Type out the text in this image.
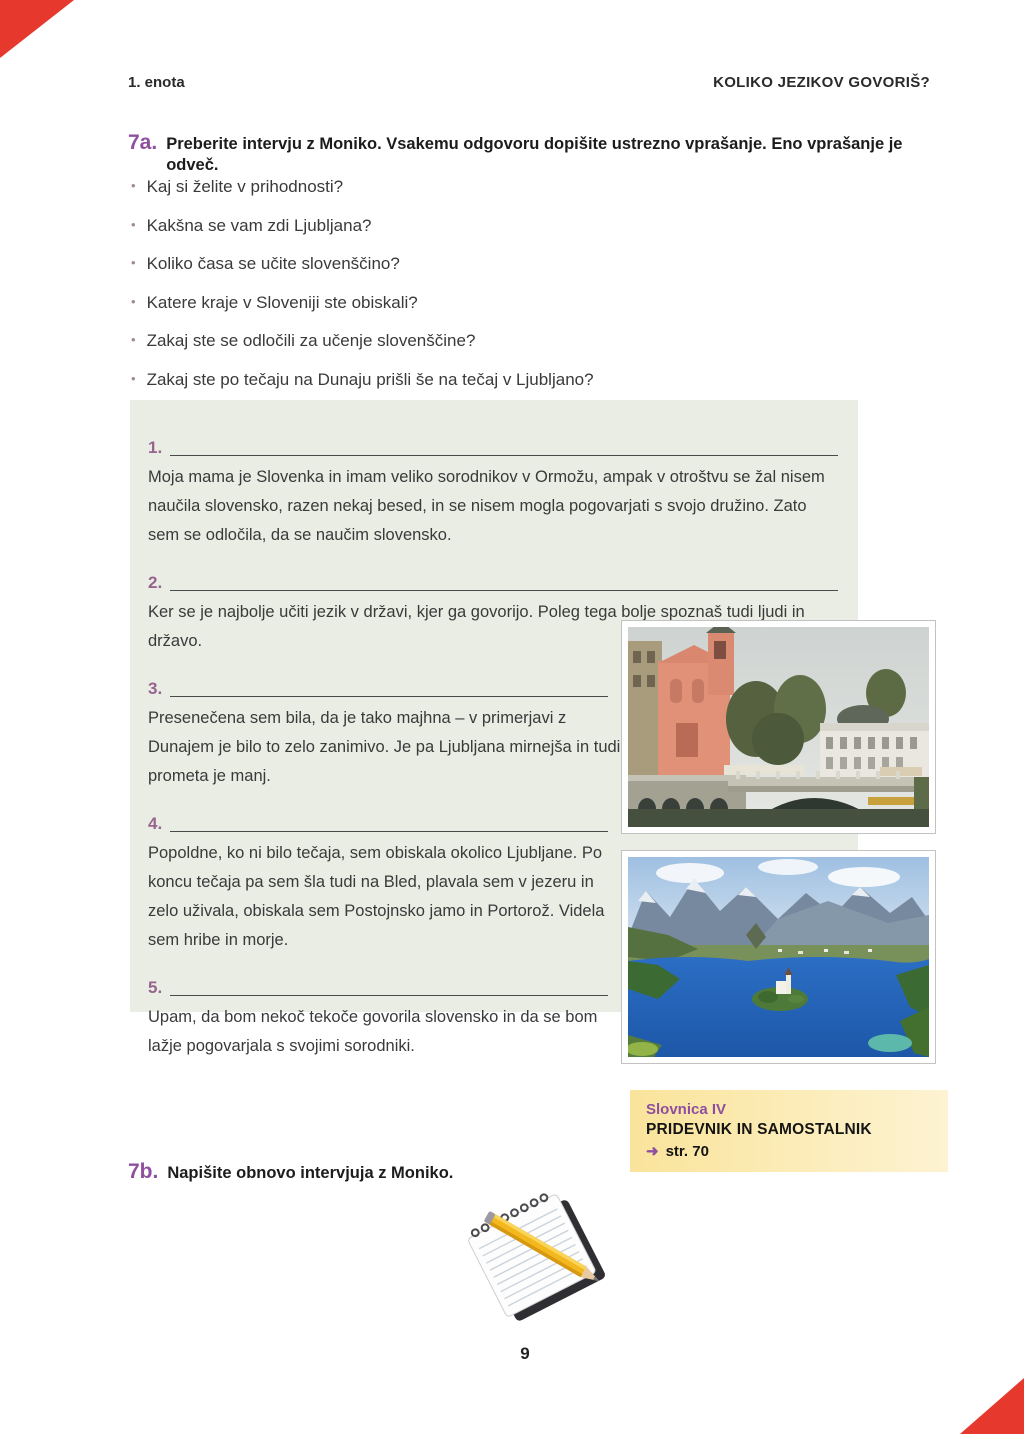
1. enota	KOLIKO JEZIKOV GOVORIŠ?
7a. Preberite intervju z Moniko. Vsakemu odgovoru dopišite ustrezno vprašanje. Eno vprašanje je odveč.
• Kaj si želite v prihodnosti?
• Kakšna se vam zdi Ljubljana?
• Koliko časa se učite slovenščino?
• Katere kraje v Sloveniji ste obiskali?
• Zakaj ste se odločili za učenje slovenščine?
• Zakaj ste po tečaju na Dunaju prišli še na tečaj v Ljubljano?
1.

Moja mama je Slovenka in imam veliko sorodnikov v Ormožu, ampak v otroštvu se žal nisem naučila slovensko, razen nekaj besed, in se nisem mogla pogovarjati s svojo družino. Zato sem se odločila, da se naučim slovensko.

2.

Ker se je najbolje učiti jezik v državi, kjer ga govorijo. Poleg tega bolje spoznaš tudi ljudi in državo.

3.

Presenečena sem bila, da je tako majhna – v primerjavi z Dunajem je bilo to zelo zanimivo. Je pa Ljubljana mirnejša in tudi prometa je manj.

4.

Popoldne, ko ni bilo tečaja, sem obiskala okolico Ljubljane. Po koncu tečaja pa sem šla tudi na Bled, plavala sem v jezeru in zelo uživala, obiskala sem Postojnsko jamo in Portorož. Videla sem hribe in morje.

5.

Upam, da bom nekoč tekoče govorila slovensko in da se bom lažje pogovarjala s svojimi sorodniki.

Slovnica IV
PRIDEVNIK IN SAMOSTALNIK
➜ str. 70
7b. Napišite obnovo intervjuja z Moniko.
9
